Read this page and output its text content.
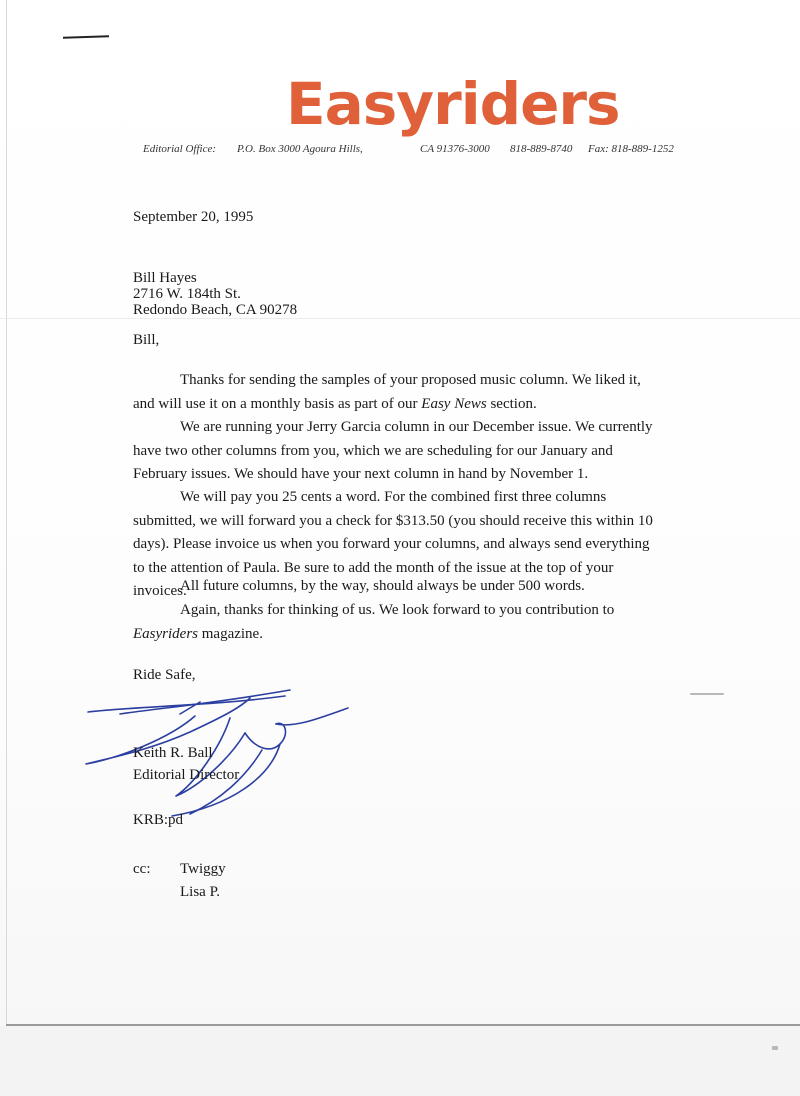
Easyriders
Editorial Office: P.O. Box 3000 Agoura Hills,	CA 91376-3000 818-889-8740 Fax: 818-889-1252
September 20, 1995
Bill Hayes
2716 W. 184th St.
Redondo Beach, CA 90278
Bill,
Thanks for sending the samples of your proposed music column. We liked it, and will use it on a monthly basis as part of our Easy News section.
We are running your Jerry Garcia column in our December issue. We currently have two other columns from you, which we are scheduling for our January and February issues. We should have your next column in hand by November 1.
We will pay you 25 cents a word. For the combined first three columns submitted, we will forward you a check for $313.50 (you should receive this within 10 days). Please invoice us when you forward your columns, and always send everything to the attention of Paula. Be sure to add the month of the issue at the top of your invoices.
All future columns, by the way, should always be under 500 words.
Again, thanks for thinking of us. We look forward to you contribution to Easyriders magazine.
Ride Safe,
Keith R. Ball
Editorial Director
KRB:pd
cc: Twiggy
Lisa P.
